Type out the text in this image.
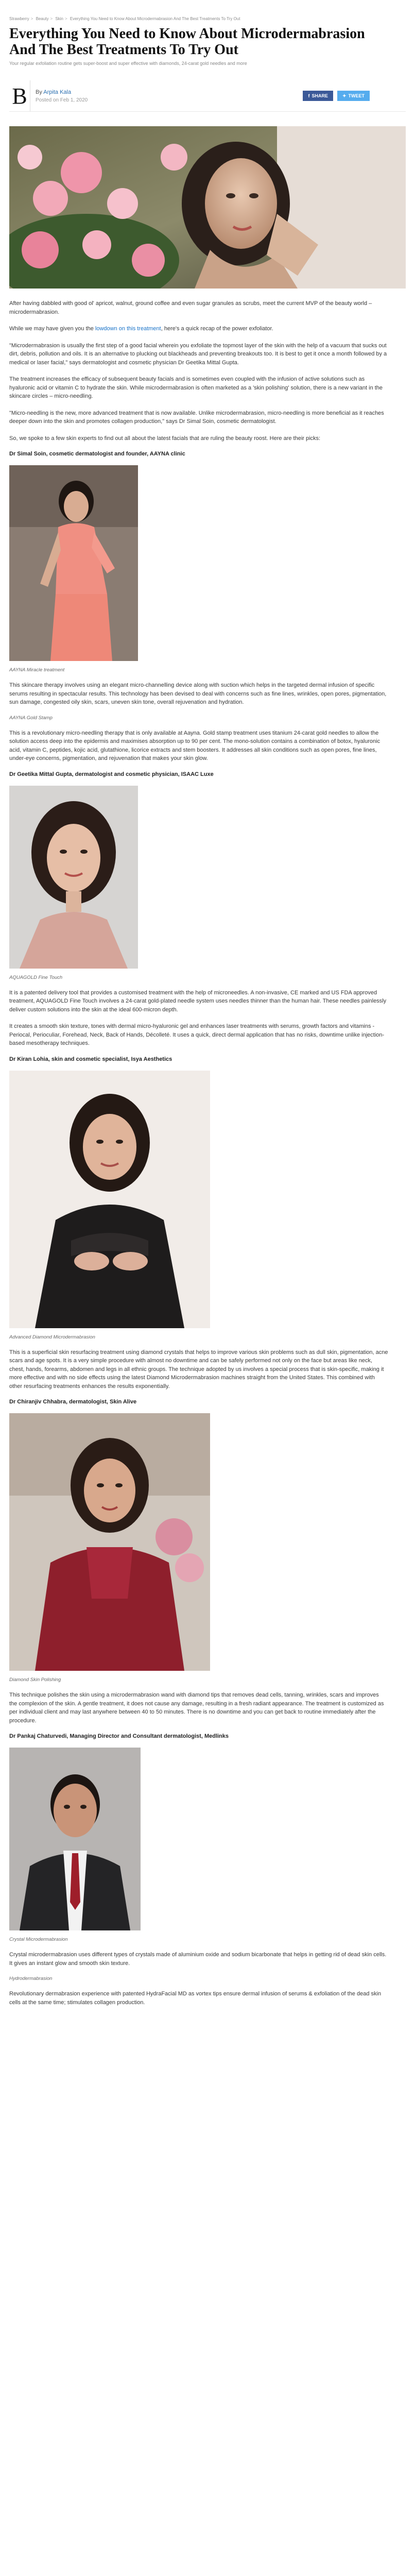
Strawberry > Beauty > Skin > Everything You Need to Know About Microdermabrasion And The Best Treatments To Try Out
Everything You Need to Know About Microdermabrasion And The Best Treatments To Try Out
Your regular exfoliation routine gets super-boost and super effective with diamonds, 24-carat gold needles and more
B	By Arpita Kala
Posted on Feb 1, 2020
f SHARE	✦ TWEET

After having dabbled with good ol' apricot, walnut, ground coffee and even sugar granules as scrubs, meet the current MVP of the beauty world – microdermabrasion.

While we may have given you the lowdown on this treatment, here's a quick recap of the power exfoliator.

"Microdermabrasion is usually the first step of a good facial wherein you exfoliate the topmost layer of the skin with the help of a vacuum that sucks out dirt, debris, pollution and oils. It is an alternative to plucking out blackheads and preventing breakouts too. It is best to get it once a month followed by a medical or laser facial," says dermatologist and cosmetic physician Dr Geetika Mittal Gupta.

The treatment increases the efficacy of subsequent beauty facials and is sometimes even coupled with the infusion of active solutions such as hyaluronic acid or vitamin C to hydrate the skin. While microdermabrasion is often marketed as a 'skin polishing' solution, there is a new variant in the skincare circles – micro-needling.

"Micro-needling is the new, more advanced treatment that is now available. Unlike microdermabrasion, micro-needling is more beneficial as it reaches deeper down into the skin and promotes collagen production," says Dr Simal Soin, cosmetic dermatologist.

So, we spoke to a few skin experts to find out all about the latest facials that are ruling the beauty roost. Here are their picks:

Dr Simal Soin, cosmetic dermatologist and founder, AAYNA clinic
AAYNA Miracle treatment

This skincare therapy involves using an elegant micro-channelling device along with suction which helps in the targeted dermal infusion of specific serums resulting in spectacular results. This technology has been devised to deal with concerns such as fine lines, wrinkles, open pores, pigmentation, sun damage, congested oily skin, scars, uneven skin tone, overall rejuvenation and hydration.

AAYNA Gold Stamp

This is a revolutionary micro-needling therapy that is only available at Aayna. Gold stamp treatment uses titanium 24-carat gold needles to allow the solution access deep into the epidermis and maximises absorption up to 90 per cent. The mono-solution contains a combination of botox, hyaluronic acid, vitamin C, peptides, kojic acid, glutathione, licorice extracts and stem boosters. It addresses all skin conditions such as open pores, fine lines, under-eye concerns, pigmentation, and rejuvenation that makes your skin glow.

Dr Geetika Mittal Gupta, dermatologist and cosmetic physician, ISAAC Luxe
AQUAGOLD Fine Touch

It is a patented delivery tool that provides a customised treatment with the help of microneedles. A non-invasive, CE marked and US FDA approved treatment, AQUAGOLD Fine Touch involves a 24-carat gold-plated needle system uses needles thinner than the human hair. These needles painlessly deliver custom solutions into the skin at the ideal 600-micron depth.

It creates a smooth skin texture, tones with dermal micro-hyaluronic gel and enhances laser treatments with serums, growth factors and vitamins - Periocal, Perioculiar, Forehead, Neck, Back of Hands, Décolleté. It uses a quick, direct dermal application that has no risks, downtime unlike injection-based mesotherapy techniques.

Dr Kiran Lohia, skin and cosmetic specialist, Isya Aesthetics
Advanced Diamond Microdermabrasion

This is a superficial skin resurfacing treatment using diamond crystals that helps to improve various skin problems such as dull skin, pigmentation, acne scars and age spots. It is a very simple procedure with almost no downtime and can be safely performed not only on the face but areas like neck, chest, hands, forearms, abdomen and legs in all ethnic groups. The technique adopted by us involves a special process that is skin-specific, making it more effective and with no side effects using the latest Diamond Microdermabrasion machines straight from the United States. This combined with other resurfacing treatments enhances the results exponentially.

Dr Chiranjiv Chhabra, dermatologist, Skin Alive
Diamond Skin Polishing

This technique polishes the skin using a microdermabrasion wand with diamond tips that removes dead cells, tanning, wrinkles, scars and improves the complexion of the skin. A gentle treatment, it does not cause any damage, resulting in a fresh radiant appearance. The treatment is customized as per individual client and may last anywhere between 40 to 50 minutes. There is no downtime and you can get back to routine immediately after the procedure.

Dr Pankaj Chaturvedi, Managing Director and Consultant dermatologist, Medlinks
Crystal Microdermabrasion

Crystal microdermabrasion uses different types of crystals made of aluminium oxide and sodium bicarbonate that helps in getting rid of dead skin cells. It gives an instant glow and smooth skin texture.

Hydrodermabrasion

Revolutionary dermabrasion experience with patented HydraFacial MD as vortex tips ensure dermal infusion of serums & exfoliation of the dead skin cells at the same time; stimulates collagen production.
